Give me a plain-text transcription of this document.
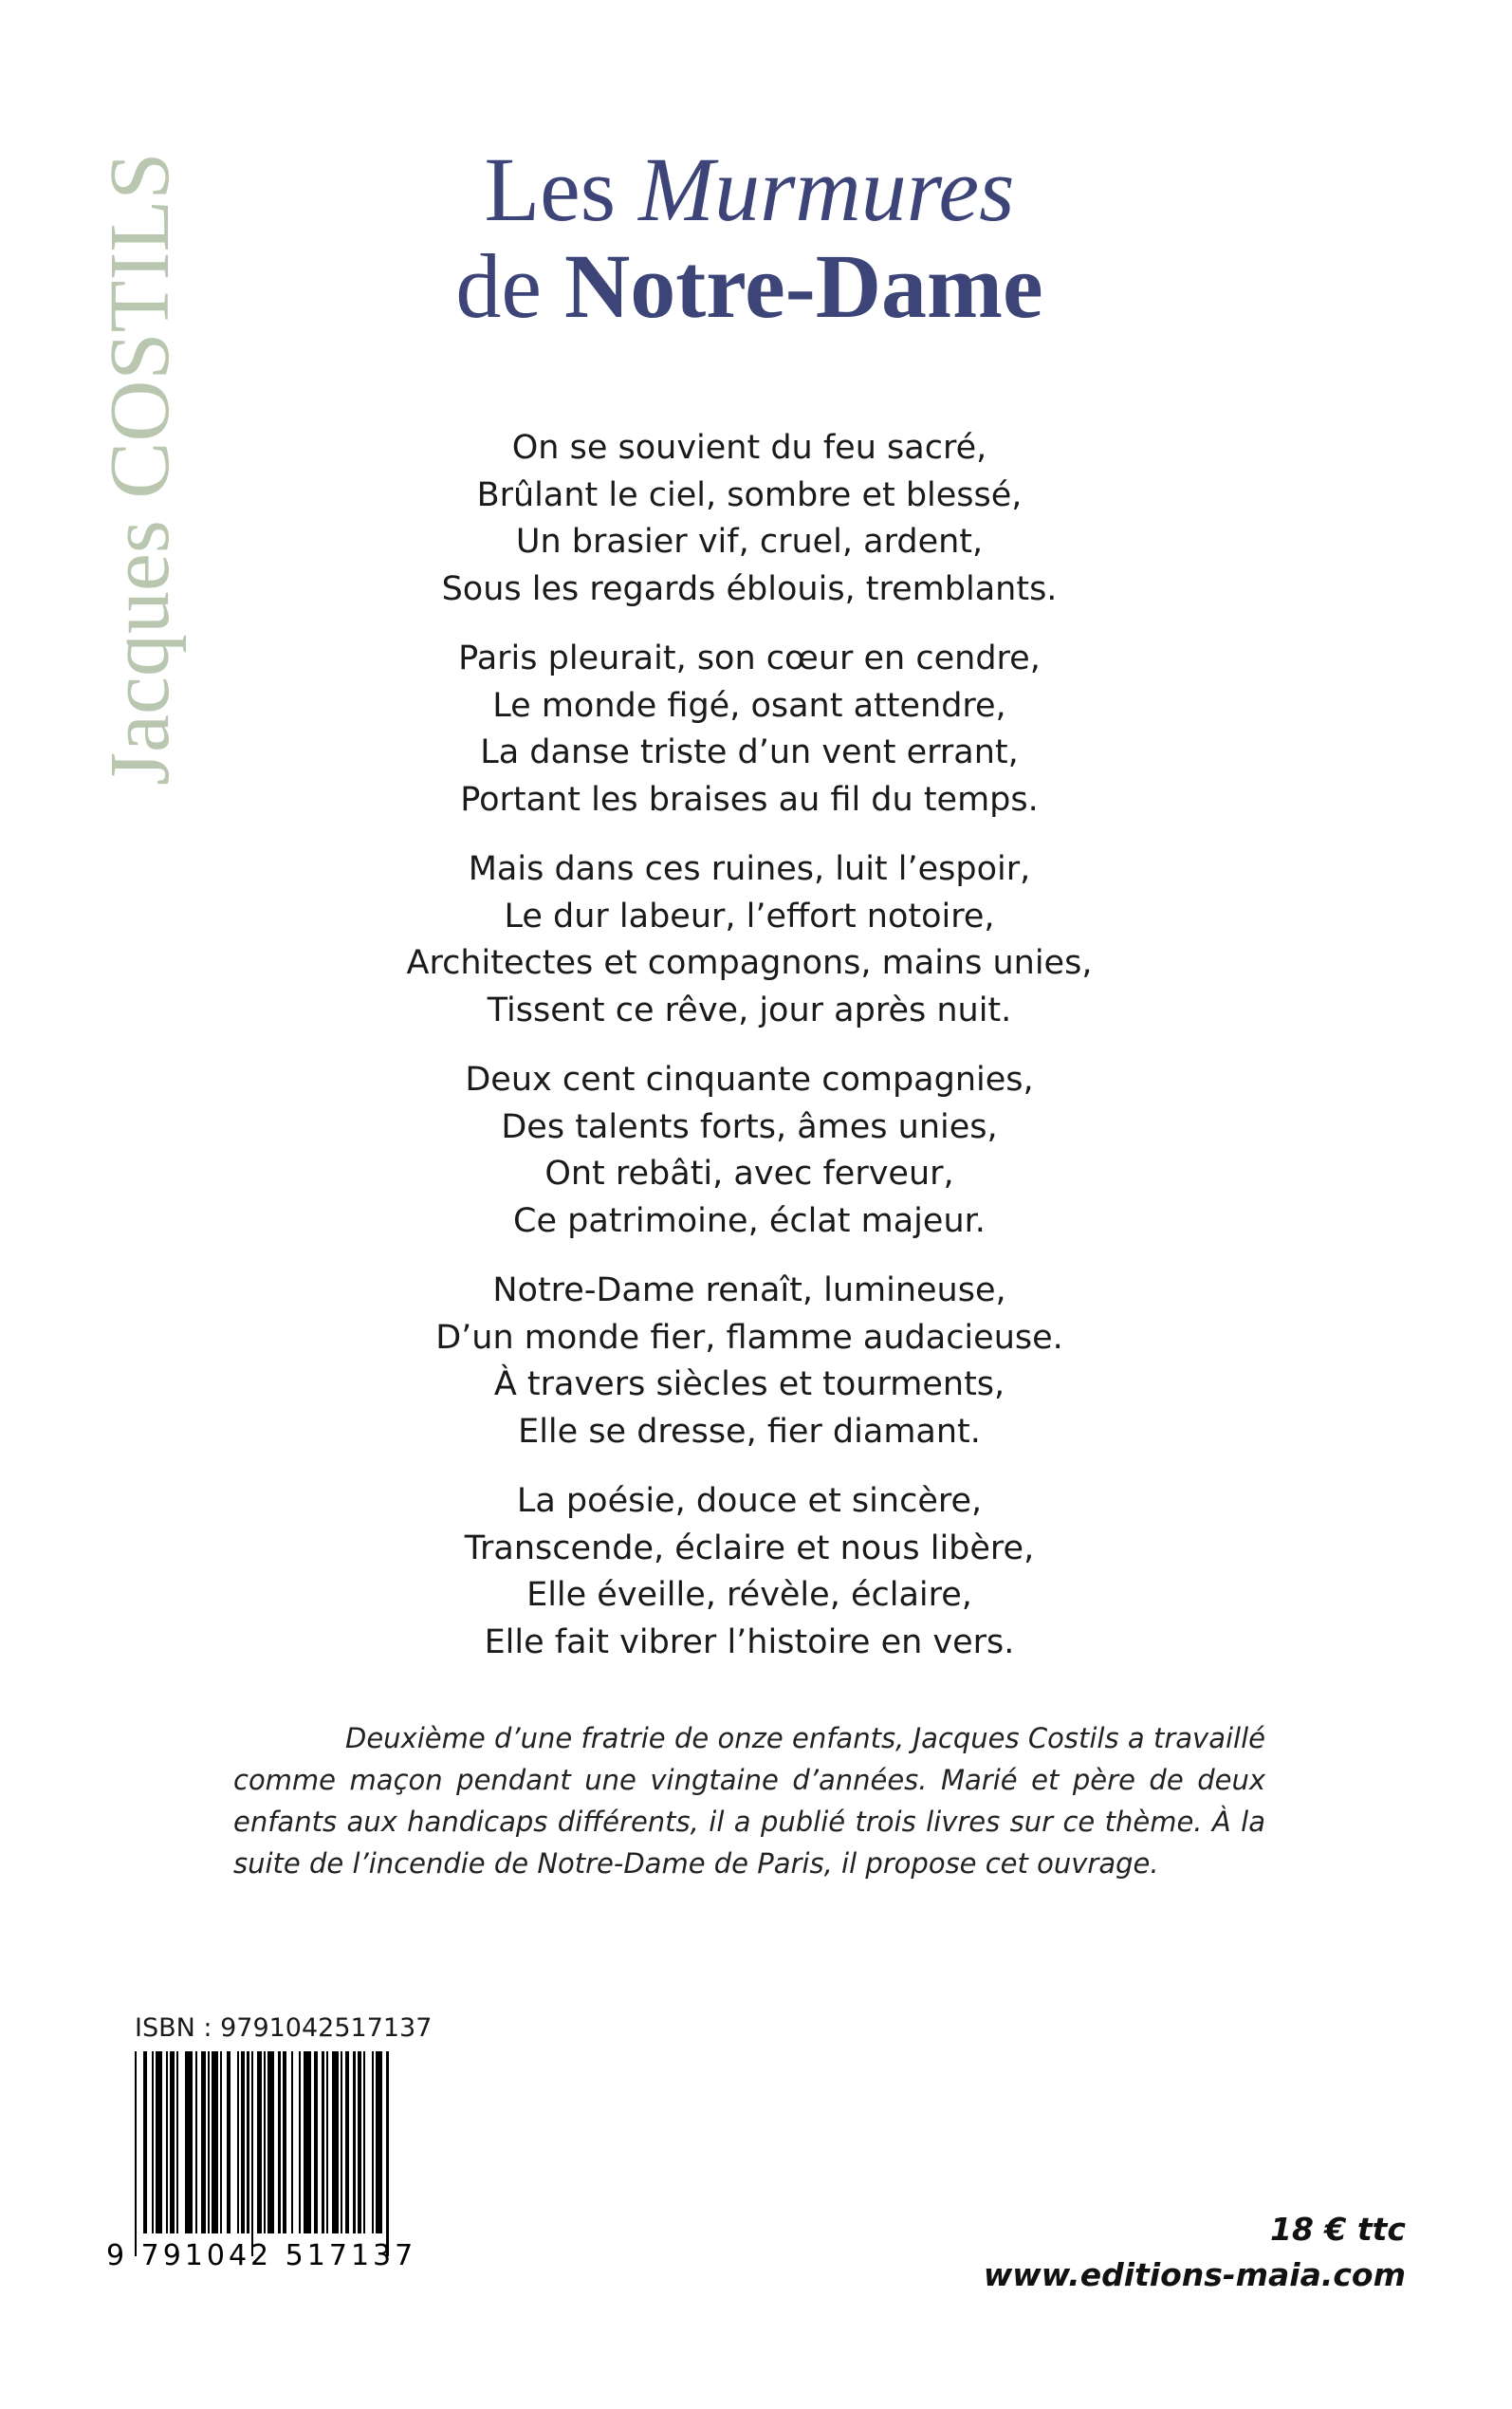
Jacques COSTILS	Les Murmures
de Notre-Dame
On se souvient du feu sacré,
Brûlant le ciel, sombre et blessé,
Un brasier vif, cruel, ardent,
Sous les regards éblouis, tremblants.
Paris pleurait, son cœur en cendre,
Le monde figé, osant attendre,
La danse triste d’un vent errant,
Portant les braises au fil du temps.
Mais dans ces ruines, luit l’espoir,
Le dur labeur, l’effort notoire,
Architectes et compagnons, mains unies,
Tissent ce rêve, jour après nuit.
Deux cent cinquante compagnies,
Des talents forts, âmes unies,
Ont rebâti, avec ferveur,
Ce patrimoine, éclat majeur.
Notre-Dame renaît, lumineuse,
D’un monde fier, flamme audacieuse.
À travers siècles et tourments,
Elle se dresse, fier diamant.
La poésie, douce et sincère,
Transcende, éclaire et nous libère,
Elle éveille, révèle, éclaire,
Elle fait vibrer l’histoire en vers.
Deuxième d’une fratrie de onze enfants, Jacques Costils a travaillé comme maçon pendant une vingtaine d’années. Marié et père de deux enfants aux handicaps différents, il a publié trois livres sur ce thème. À la suite de l’incendie de Notre-Dame de Paris, il propose cet ouvrage.
ISBN : 9791042517137
9 791042 517137
18 € ttc
www.editions-maia.com
